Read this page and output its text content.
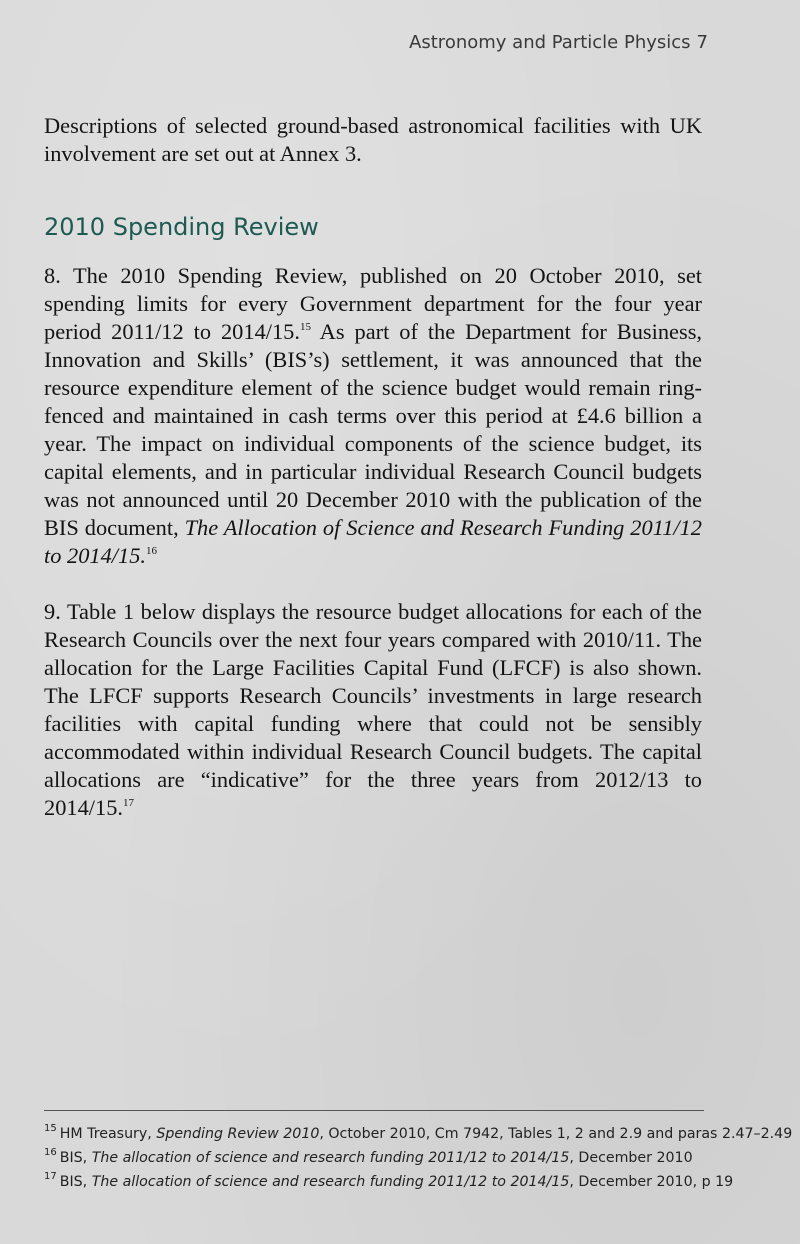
Astronomy and Particle Physics 7

Descriptions of selected ground-based astronomical facilities with UK involvement are set out at Annex 3.

2010 Spending Review

8. The 2010 Spending Review, published on 20 October 2010, set spending limits for every Government department for the four year period 2011/12 to 2014/15.15 As part of the Department for Business, Innovation and Skills’ (BIS’s) settlement, it was announced that the resource expenditure element of the science budget would remain ring-fenced and maintained in cash terms over this period at £4.6 billion a year. The impact on individual components of the science budget, its capital elements, and in particular individual Research Council budgets was not announced until 20 December 2010 with the publication of the BIS document, The Allocation of Science and Research Funding 2011/12 to 2014/15.16

9. Table 1 below displays the resource budget allocations for each of the Research Councils over the next four years compared with 2010/11. The allocation for the Large Facilities Capital Fund (LFCF) is also shown. The LFCF supports Research Councils’ investments in large research facilities with capital funding where that could not be sensibly accommodated within individual Research Council budgets. The capital allocations are “indicative” for the three years from 2012/13 to 2014/15.17

$^{15}$ HM Treasury, Spending Review 2010, October 2010, Cm 7942, Tables 1, 2 and 2.9 and paras 2.47–2.49

$^{16}$ BIS, The allocation of science and research funding 2011/12 to 2014/15, December 2010

$^{17}$ BIS, The allocation of science and research funding 2011/12 to 2014/15, December 2010, p 19
